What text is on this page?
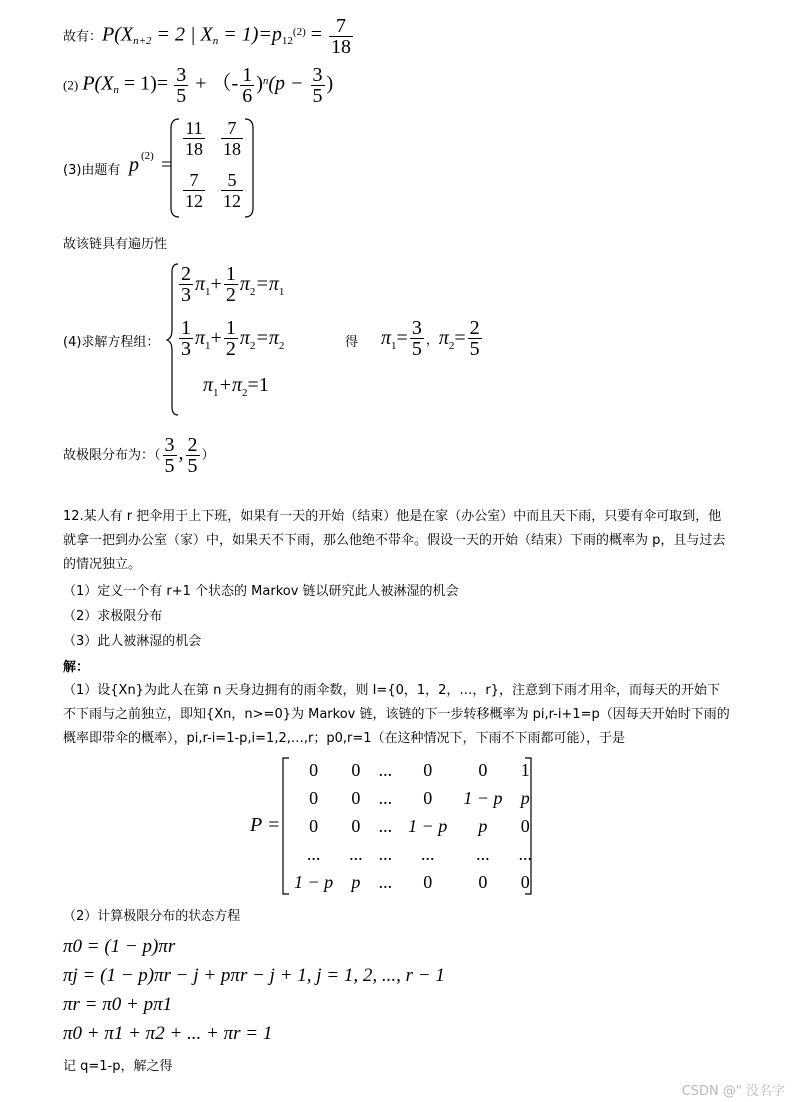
故有：$P(X_{n+2} = 2$ | $X_n = 1)=p_{12}^{(2)} = \frac{7}{18}$
(2) $P(X_n = 1)= \frac{3}{5}$ + （- $\frac{1}{6} )^n(p - \frac{3}{5}$ )
(3)由题有 p (2) =
$\frac{11}{18} \frac{7}{18}$
$\frac{7}{12} \frac{5}{12}$
故该链具有遍历性
(4)求解方程组：
$\frac{2}{3} \pi_1+ \frac{1}{2} \pi_2=\pi_1$
$\frac{1}{3} \pi_1+ \frac{1}{2} \pi_2=\pi_2$
$\pi_1+\pi_2=1$
得 $\pi_1= \frac{3}{5}$ ，$\pi_2= \frac{2}{5}$
故极限分布为：（ $\frac{3}{5}$ , $\frac{2}{5}$ ）
12.某人有 r 把伞用于上下班，如果有一天的开始（结束）他是在家（办公室）中而且天下雨，只要有伞可取到，他就拿一把到办公室（家）中，如果天不下雨，那么他绝不带伞。假设一天的开始（结束）下雨的概率为 p，且与过去的情况独立。
（1）定义一个有 r+1 个状态的 Markov 链以研究此人被淋湿的机会
（2）求极限分布
（3）此人被淋湿的机会
解：
（1）设{Xn}为此人在第 n 天身边拥有的雨伞数，则 I={0，1，2，…，r}，注意到下雨才用伞，而每天的开始下不下雨与之前独立，即知{Xn，n>=0}为 Markov 链，该链的下一步转移概率为 pi,r-i+1=p（因每天开始时下雨的概率即带伞的概率），pi,r-i=1-p,i=1,2,…,r；p0,r=1（在这种情况下，下雨不下雨都可能），于是
P =
0	0	...	0	0	1
0	0	...	0	1 − p	p
0	0	...	1 − p	p	0
...	...	...	...	...	...
1 − p	p	...	0	0	0
（2）计算极限分布的状态方程
π0 = (1 − p)πr
πj = (1 − p)πr − j + pπr − j + 1, j = 1, 2, ..., r − 1
πr = π0 + pπ1
π0 + π1 + π2 + ... + πr = 1
记 q=1-p，解之得
CSDN @" 没名字
